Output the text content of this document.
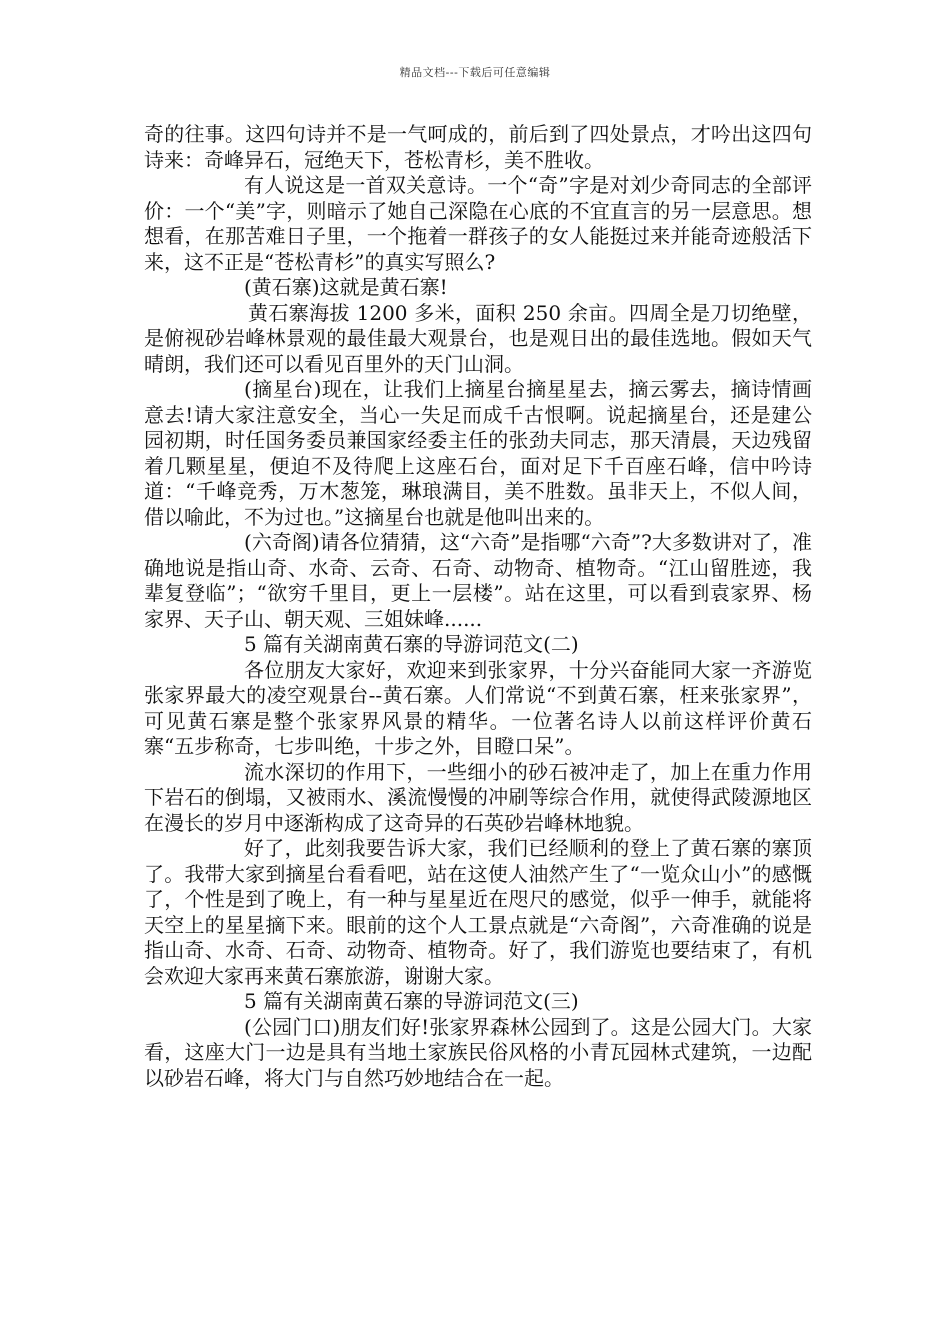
精品文档---下载后可任意编辑

奇的往事。这四句诗并不是一气呵成的，前后到了四处景点，才吟出这四句诗来：奇峰异石，冠绝天下，苍松青杉，美不胜收。

有人说这是一首双关意诗。一个“奇”字是对刘少奇同志的全部评价：一个“美”字，则暗示了她自己深隐在心底的不宜直言的另一层意思。想想看，在那苦难日子里，一个拖着一群孩子的女人能挺过来并能奇迹般活下来，这不正是“苍松青杉”的真实写照么?

(黄石寨)这就是黄石寨!

黄石寨海拔 1200 多米，面积 250 余亩。四周全是刀切绝壁，是俯视砂岩峰林景观的最佳最大观景台，也是观日出的最佳选地。假如天气晴朗，我们还可以看见百里外的天门山洞。

(摘星台)现在，让我们上摘星台摘星星去，摘云雾去，摘诗情画意去!请大家注意安全，当心一失足而成千古恨啊。说起摘星台，还是建公园初期，时任国务委员兼国家经委主任的张劲夫同志，那天清晨，天边残留着几颗星星，便迫不及待爬上这座石台，面对足下千百座石峰，信中吟诗道：“千峰竞秀，万木葱笼，琳琅满目，美不胜数。虽非天上，不似人间，借以喻此，不为过也。”这摘星台也就是他叫出来的。

(六奇阁)请各位猜猜，这“六奇”是指哪“六奇”?大多数讲对了，准确地说是指山奇、水奇、云奇、石奇、动物奇、植物奇。“江山留胜迹，我辈复登临”；“欲穷千里目，更上一层楼”。站在这里，可以看到袁家界、杨家界、天子山、朝天观、三姐妹峰......

5 篇有关湖南黄石寨的导游词范文(二)

各位朋友大家好，欢迎来到张家界，十分兴奋能同大家一齐游览张家界最大的凌空观景台--黄石寨。人们常说“不到黄石寨，枉来张家界”，可见黄石寨是整个张家界风景的精华。一位著名诗人以前这样评价黄石寨“五步称奇，七步叫绝，十步之外，目瞪口呆”。

流水深切的作用下，一些细小的砂石被冲走了，加上在重力作用下岩石的倒塌，又被雨水、溪流慢慢的冲刷等综合作用，就使得武陵源地区在漫长的岁月中逐渐构成了这奇异的石英砂岩峰林地貌。

好了，此刻我要告诉大家，我们已经顺利的登上了黄石寨的寨顶了。我带大家到摘星台看看吧，站在这使人油然产生了“一览众山小”的感慨了，个性是到了晚上，有一种与星星近在咫尺的感觉，似乎一伸手，就能将天空上的星星摘下来。眼前的这个人工景点就是“六奇阁”，六奇准确的说是指山奇、水奇、石奇、动物奇、植物奇。好了，我们游览也要结束了，有机会欢迎大家再来黄石寨旅游，谢谢大家。

5 篇有关湖南黄石寨的导游词范文(三)

(公园门口)朋友们好!张家界森林公园到了。这是公园大门。大家看，这座大门一边是具有当地土家族民俗风格的小青瓦园林式建筑，一边配以砂岩石峰，将大门与自然巧妙地结合在一起。
